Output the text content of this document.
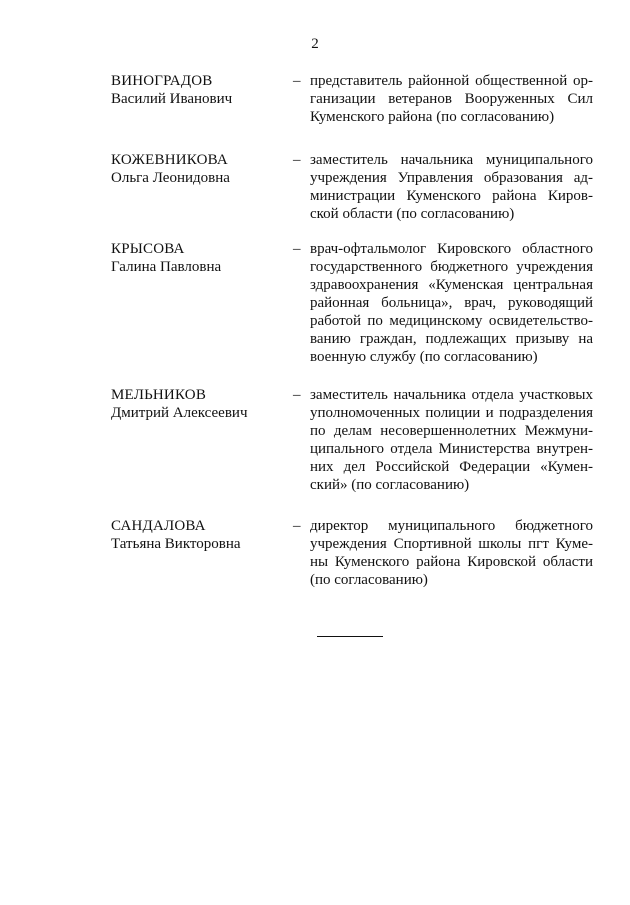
2
ВИНОГРАДОВ
Василий Иванович
– представитель районной общественной ор-
ганизации ветеранов Вооруженных Сил
Куменского района (по согласованию)
КОЖЕВНИКОВА
Ольга Леонидовна
– заместитель начальника муниципального
учреждения Управления образования ад-
министрации Куменского района Киров-
ской области (по согласованию)
КРЫСОВА
Галина Павловна
– врач-офтальмолог Кировского областного
государственного бюджетного учреждения
здравоохранения «Куменская центральная
районная больница», врач, руководящий
работой по медицинскому освидетельство-
ванию граждан, подлежащих призыву на
военную службу (по согласованию)
МЕЛЬНИКОВ
Дмитрий Алексеевич
– заместитель начальника отдела участковых
уполномоченных полиции и подразделения
по делам несовершеннолетних Межмуни-
ципального отдела Министерства внутрен-
них дел Российской Федерации «Кумен-
ский» (по согласованию)
САНДАЛОВА
Татьяна Викторовна
– директор муниципального бюджетного
учреждения Спортивной школы пгт Куме-
ны Куменского района Кировской области
(по согласованию)
